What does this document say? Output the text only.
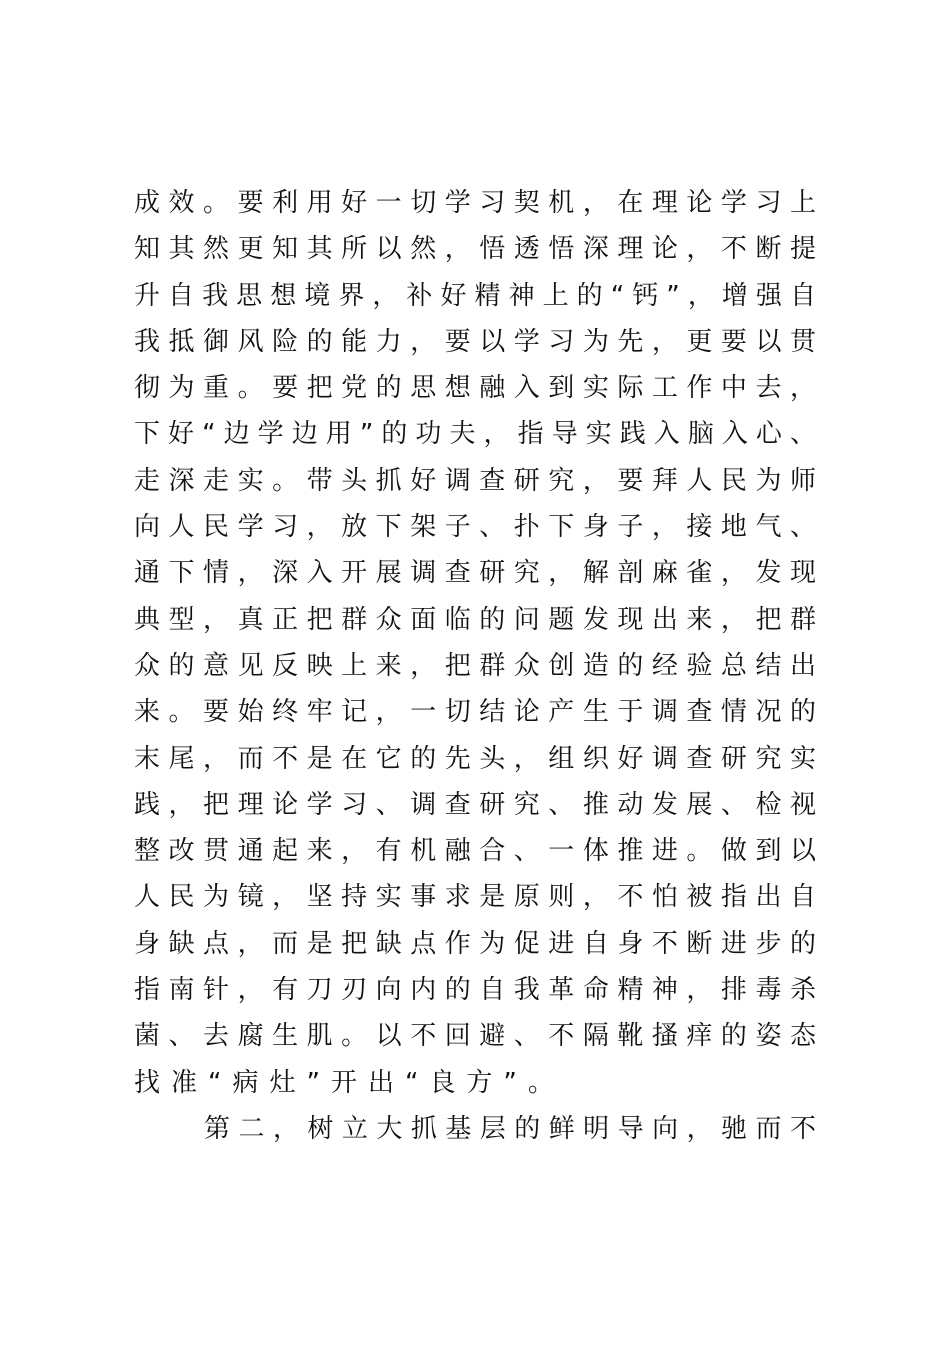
成效。要利用好一切学习契机，在理论学习上
知其然更知其所以然，悟透悟深理论，不断提
升自我思想境界，补好精神上的“钙”，增强自
我抵御风险的能力，要以学习为先，更要以贯
彻为重。要把党的思想融入到实际工作中去，
下好“边学边用”的功夫，指导实践入脑入心、
走深走实。带头抓好调查研究，要拜人民为师
向人民学习，放下架子、扑下身子，接地气、
通下情，深入开展调查研究，解剖麻雀，发现
典型，真正把群众面临的问题发现出来，把群
众的意见反映上来，把群众创造的经验总结出
来。要始终牢记，一切结论产生于调查情况的
末尾，而不是在它的先头，组织好调查研究实
践，把理论学习、调查研究、推动发展、检视
整改贯通起来，有机融合、一体推进。做到以
人民为镜，坚持实事求是原则，不怕被指出自
身缺点，而是把缺点作为促进自身不断进步的
指南针，有刀刃向内的自我革命精神，排毒杀
菌、去腐生肌。以不回避、不隔靴搔痒的姿态
找准“病灶”开出“良方”。
第二，树立大抓基层的鲜明导向，驰而不
